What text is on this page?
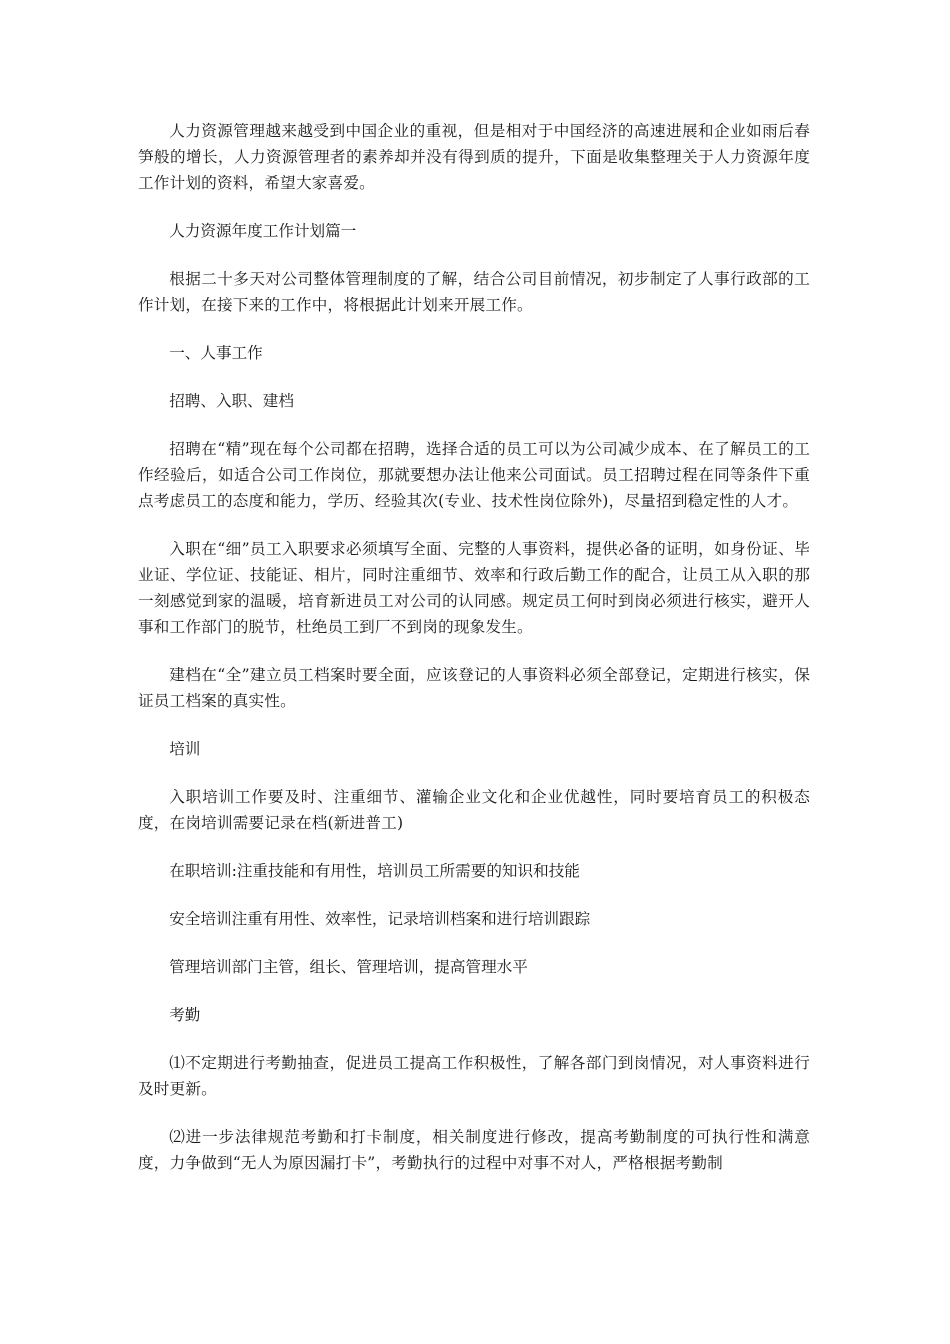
人力资源管理越来越受到中国企业的重视，但是相对于中国经济的高速进展和企业如雨后春笋般的增长，人力资源管理者的素养却并没有得到质的提升，下面是收集整理关于人力资源年度工作计划的资料，希望大家喜爱。

人力资源年度工作计划篇一

根据二十多天对公司整体管理制度的了解，结合公司目前情况，初步制定了人事行政部的工作计划，在接下来的工作中，将根据此计划来开展工作。

一、人事工作

招聘、入职、建档

招聘在“精”现在每个公司都在招聘，选择合适的员工可以为公司减少成本、在了解员工的工作经验后，如适合公司工作岗位，那就要想办法让他来公司面试。员工招聘过程在同等条件下重点考虑员工的态度和能力，学历、经验其次(专业、技术性岗位除外)，尽量招到稳定性的人才。

入职在“细”员工入职要求必须填写全面、完整的人事资料，提供必备的证明，如身份证、毕业证、学位证、技能证、相片，同时注重细节、效率和行政后勤工作的配合，让员工从入职的那一刻感觉到家的温暖，培育新进员工对公司的认同感。规定员工何时到岗必须进行核实，避开人事和工作部门的脱节，杜绝员工到厂不到岗的现象发生。

建档在“全”建立员工档案时要全面，应该登记的人事资料必须全部登记，定期进行核实，保证员工档案的真实性。

培训

入职培训工作要及时、注重细节、灌输企业文化和企业优越性，同时要培育员工的积极态度，在岗培训需要记录在档(新进普工)

在职培训:注重技能和有用性，培训员工所需要的知识和技能

安全培训注重有用性、效率性，记录培训档案和进行培训跟踪

管理培训部门主管，组长、管理培训，提高管理水平

考勤

⑴不定期进行考勤抽查，促进员工提高工作积极性，了解各部门到岗情况，对人事资料进行及时更新。

⑵进一步法律规范考勤和打卡制度，相关制度进行修改，提高考勤制度的可执行性和满意度，力争做到“无人为原因漏打卡”，考勤执行的过程中对事不对人，严格根据考勤制
